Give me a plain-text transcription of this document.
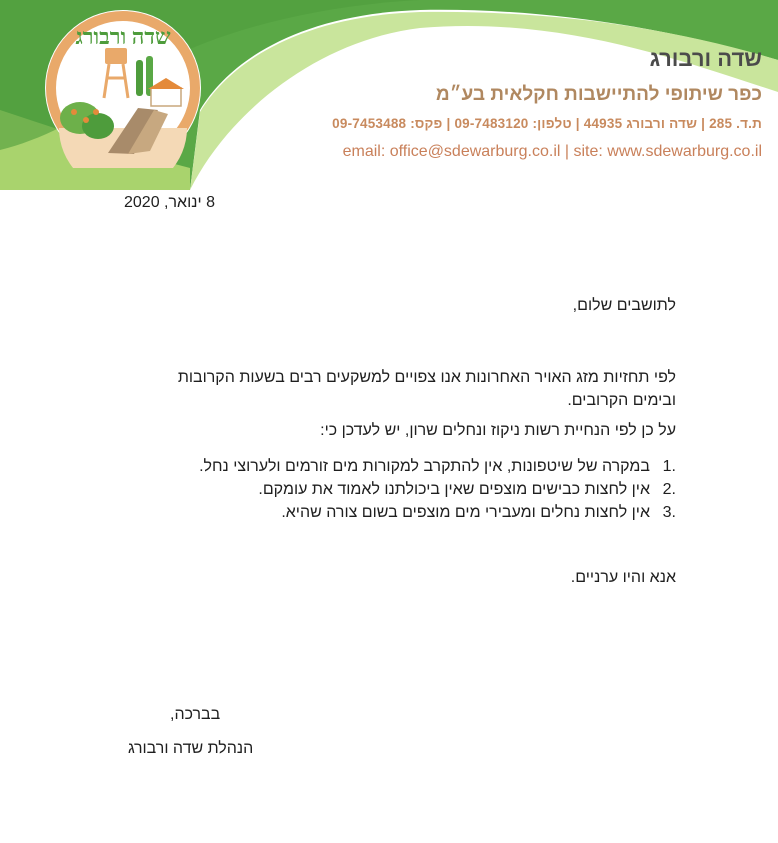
שדה ורבורג
שדה ורבורג
כפר שיתופי להתיישבות חקלאית בע״מ
ת.ד. 285 | שדה ורבורג 44935 | טלפון: 09-7483120 | פקס: 09-7453488
email: office@sdewarburg.co.il | site: www.sdewarburg.co.il
8 ינואר, 2020
לתושבים שלום,
לפי תחזיות מזג האויר האחרונות אנו צפויים למשקעים רבים בשעות הקרובות ובימים הקרובים.
על כן לפי הנחיית רשות ניקוז ונחלים שרון, יש לעדכן כי:
1.במקרה של שיטפונות, אין להתקרב למקורות מים זורמים ולערוצי נחל.
2.אין לחצות כבישים מוצפים שאין ביכולתנו לאמוד את עומקם.
3.אין לחצות נחלים ומעבירי מים מוצפים בשום צורה שהיא.
אנא והיו ערניים.
בברכה,
הנהלת שדה ורבורג
